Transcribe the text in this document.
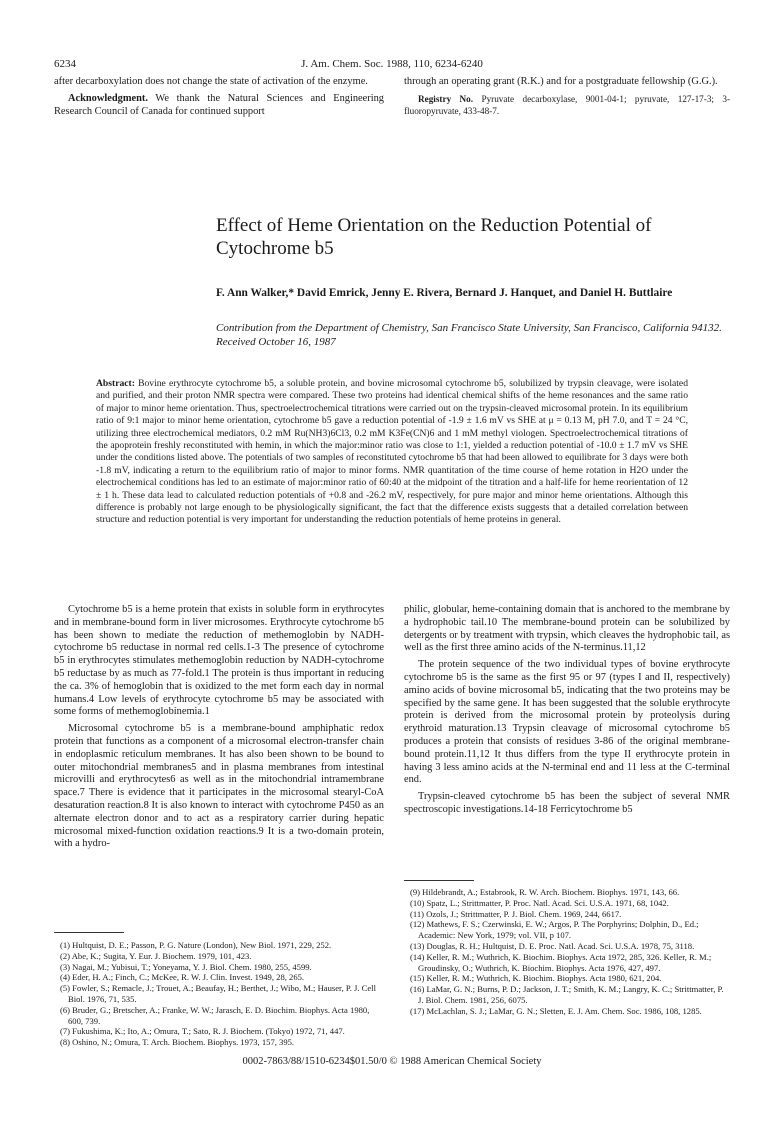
6234	J. Am. Chem. Soc. 1988, 110, 6234-6240

after decarboxylation does not change the state of activation of the enzyme.

Acknowledgment. We thank the Natural Sciences and Engineering Research Council of Canada for continued support

through an operating grant (R.K.) and for a postgraduate fellowship (G.G.).

Registry No. Pyruvate decarboxylase, 9001-04-1; pyruvate, 127-17-3; 3-fluoropyruvate, 433-48-7.

Effect of Heme Orientation on the Reduction Potential of Cytochrome b5
F. Ann Walker,* David Emrick, Jenny E. Rivera, Bernard J. Hanquet, and Daniel H. Buttlaire
Contribution from the Department of Chemistry, San Francisco State University, San Francisco, California 94132. Received October 16, 1987
Abstract: Bovine erythrocyte cytochrome b5, a soluble protein, and bovine microsomal cytochrome b5, solubilized by trypsin cleavage, were isolated and purified, and their proton NMR spectra were compared. These two proteins had identical chemical shifts of the heme resonances and the same ratio of major to minor heme orientation. Thus, spectroelectrochemical titrations were carried out on the trypsin-cleaved microsomal protein. In its equilibrium ratio of 9:1 major to minor heme orientation, cytochrome b5 gave a reduction potential of -1.9 ± 1.6 mV vs SHE at μ = 0.13 M, pH 7.0, and T = 24 °C, utilizing three electrochemical mediators, 0.2 mM Ru(NH3)6Cl3, 0.2 mM K3Fe(CN)6 and 1 mM methyl viologen. Spectroelectrochemical titrations of the apoprotein freshly reconstituted with hemin, in which the major:minor ratio was close to 1:1, yielded a reduction potential of -10.0 ± 1.7 mV vs SHE under the conditions listed above. The potentials of two samples of reconstituted cytochrome b5 that had been allowed to equilibrate for 3 days were both -1.8 mV, indicating a return to the equilibrium ratio of major to minor forms. NMR quantitation of the time course of heme rotation in H2O under the electrochemical conditions has led to an estimate of major:minor ratio of 60:40 at the midpoint of the titration and a half-life for heme reorientation of 12 ± 1 h. These data lead to calculated reduction potentials of +0.8 and -26.2 mV, respectively, for pure major and minor heme orientations. Although this difference is probably not large enough to be physiologically significant, the fact that the difference exists suggests that a detailed correlation between structure and reduction potential is very important for understanding the reduction potentials of heme proteins in general.

Cytochrome b5 is a heme protein that exists in soluble form in erythrocytes and in membrane-bound form in liver microsomes. Erythrocyte cytochrome b5 has been shown to mediate the reduction of methemoglobin by NADH-cytochrome b5 reductase in normal red cells.1-3 The presence of cytochrome b5 in erythrocytes stimulates methemoglobin reduction by NADH-cytochrome b5 reductase by as much as 77-fold.1 The protein is thus important in reducing the ca. 3% of hemoglobin that is oxidized to the met form each day in normal humans.4 Low levels of erythrocyte cytochrome b5 may be associated with some forms of methemoglobinemia.1

Microsomal cytochrome b5 is a membrane-bound amphiphatic redox protein that functions as a component of a microsomal electron-transfer chain in endoplasmic reticulum membranes. It has also been shown to be bound to outer mitochondrial membranes5 and in plasma membranes from intestinal microvilli and erythrocytes6 as well as in the mitochondrial intramembrane space.7 There is evidence that it participates in the microsomal stearyl-CoA desaturation reaction.8 It is also known to interact with cytochrome P450 as an alternate electron donor and to act as a respiratory carrier during hepatic microsomal mixed-function oxidation reactions.9 It is a two-domain protein, with a hydro-

philic, globular, heme-containing domain that is anchored to the membrane by a hydrophobic tail.10 The membrane-bound protein can be solubilized by detergents or by treatment with trypsin, which cleaves the hydrophobic tail, as well as the first three amino acids of the N-terminus.11,12

The protein sequence of the two individual types of bovine erythrocyte cytochrome b5 is the same as the first 95 or 97 (types I and II, respectively) amino acids of bovine microsomal b5, indicating that the two proteins may be specified by the same gene. It has been suggested that the soluble erythrocyte protein is derived from the microsomal protein by proteolysis during erythroid maturation.13 Trypsin cleavage of microsomal cytochrome b5 produces a protein that consists of residues 3-86 of the original membrane-bound protein.11,12 It thus differs from the type II erythrocyte protein in having 3 less amino acids at the N-terminal end and 11 less at the C-terminal end.

Trypsin-cleaved cytochrome b5 has been the subject of several NMR spectroscopic investigations.14-18 Ferricytochrome b5

(1) Hultquist, D. E.; Passon, P. G. Nature (London), New Biol. 1971, 229, 252.

(2) Abe, K.; Sugita, Y. Eur. J. Biochem. 1979, 101, 423.

(3) Nagai, M.; Yubisui, T.; Yoneyama, Y. J. Biol. Chem. 1980, 255, 4599.

(4) Eder, H. A.; Finch, C.; McKee, R. W. J. Clin. Invest. 1949, 28, 265.

(5) Fowler, S.; Remacle, J.; Trouet, A.; Beaufay, H.; Berthet, J.; Wibo, M.; Hauser, P. J. Cell Biol. 1976, 71, 535.

(6) Bruder, G.; Bretscher, A.; Franke, W. W.; Jarasch, E. D. Biochim. Biophys. Acta 1980, 600, 739.

(7) Fukushima, K.; Ito, A.; Omura, T.; Sato, R. J. Biochem. (Tokyo) 1972, 71, 447.

(8) Oshino, N.; Omura, T. Arch. Biochem. Biophys. 1973, 157, 395.

(9) Hildebrandt, A.; Estabrook, R. W. Arch. Biochem. Biophys. 1971, 143, 66.

(10) Spatz, L.; Strittmatter, P. Proc. Natl. Acad. Sci. U.S.A. 1971, 68, 1042.

(11) Ozols, J.; Strittmatter, P. J. Biol. Chem. 1969, 244, 6617.

(12) Mathews, F. S.; Czerwinski, E. W.; Argos, P. The Porphyrins; Dolphin, D., Ed.; Academic: New York, 1979; vol. VII, p 107.

(13) Douglas, R. H.; Hultquist, D. E. Proc. Natl. Acad. Sci. U.S.A. 1978, 75, 3118.

(14) Keller, R. M.; Wuthrich, K. Biochim. Biophys. Acta 1972, 285, 326. Keller, R. M.; Groudinsky, O.; Wuthrich, K. Biochim. Biophys. Acta 1976, 427, 497.

(15) Keller, R. M.; Wuthrich, K. Biochim. Biophys. Acta 1980, 621, 204.

(16) LaMar, G. N.; Burns, P. D.; Jackson, J. T.; Smith, K. M.; Langry, K. C.; Strittmatter, P. J. Biol. Chem. 1981, 256, 6075.

(17) McLachlan, S. J.; LaMar, G. N.; Sletten, E. J. Am. Chem. Soc. 1986, 108, 1285.

0002-7863/88/1510-6234$01.50/0 © 1988 American Chemical Society
